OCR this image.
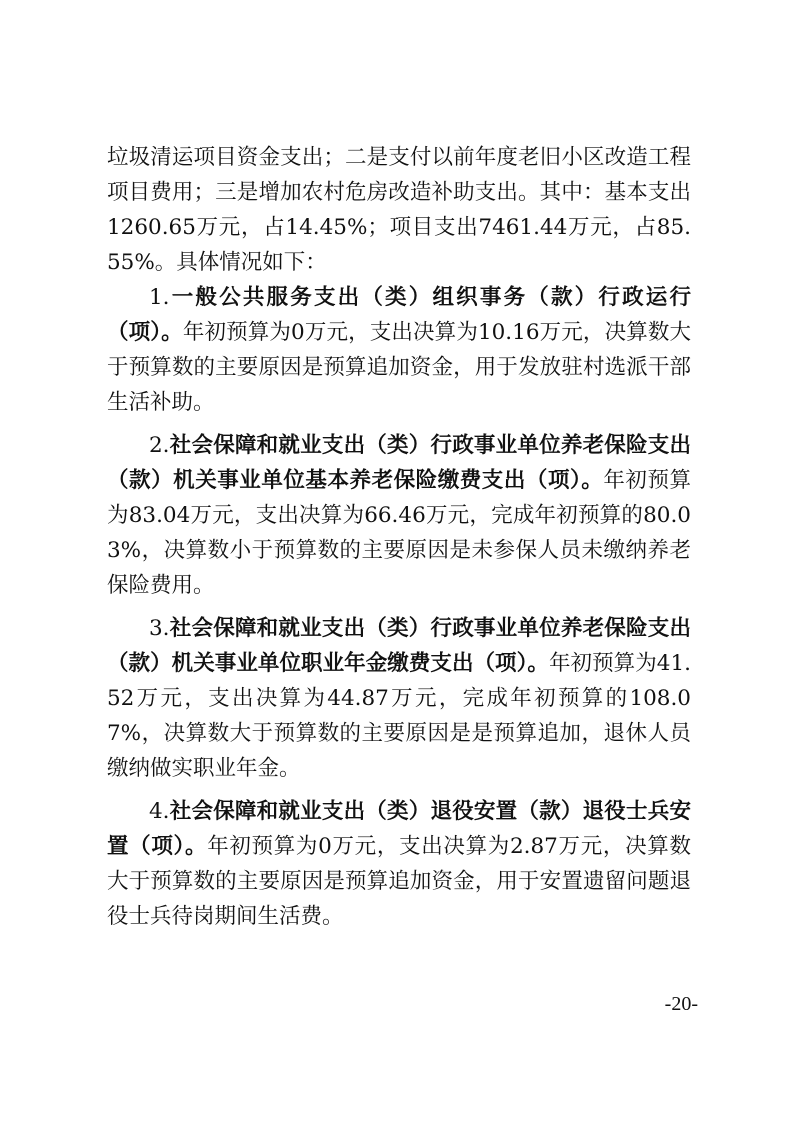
垃圾清运项目资金支出；二是支付以前年度老旧小区改造工程项目费用；三是增加农村危房改造补助支出。其中：基本支出1260.65万元，占14.45%；项目支出7461.44万元，占85.55%。具体情况如下：

1.一般公共服务支出（类）组织事务（款）行政运行（项）。年初预算为0万元，支出决算为10.16万元，决算数大于预算数的主要原因是预算追加资金，用于发放驻村选派干部生活补助。

2.社会保障和就业支出（类）行政事业单位养老保险支出（款）机关事业单位基本养老保险缴费支出（项）。年初预算为83.04万元，支出决算为66.46万元，完成年初预算的80.03%，决算数小于预算数的主要原因是未参保人员未缴纳养老保险费用。

3.社会保障和就业支出（类）行政事业单位养老保险支出（款）机关事业单位职业年金缴费支出（项）。年初预算为41.52万元，支出决算为44.87万元，完成年初预算的108.07%，决算数大于预算数的主要原因是是预算追加，退休人员缴纳做实职业年金。

4.社会保障和就业支出（类）退役安置（款）退役士兵安置（项）。年初预算为0万元，支出决算为2.87万元，决算数大于预算数的主要原因是预算追加资金，用于安置遗留问题退役士兵待岗期间生活费。

-20-
